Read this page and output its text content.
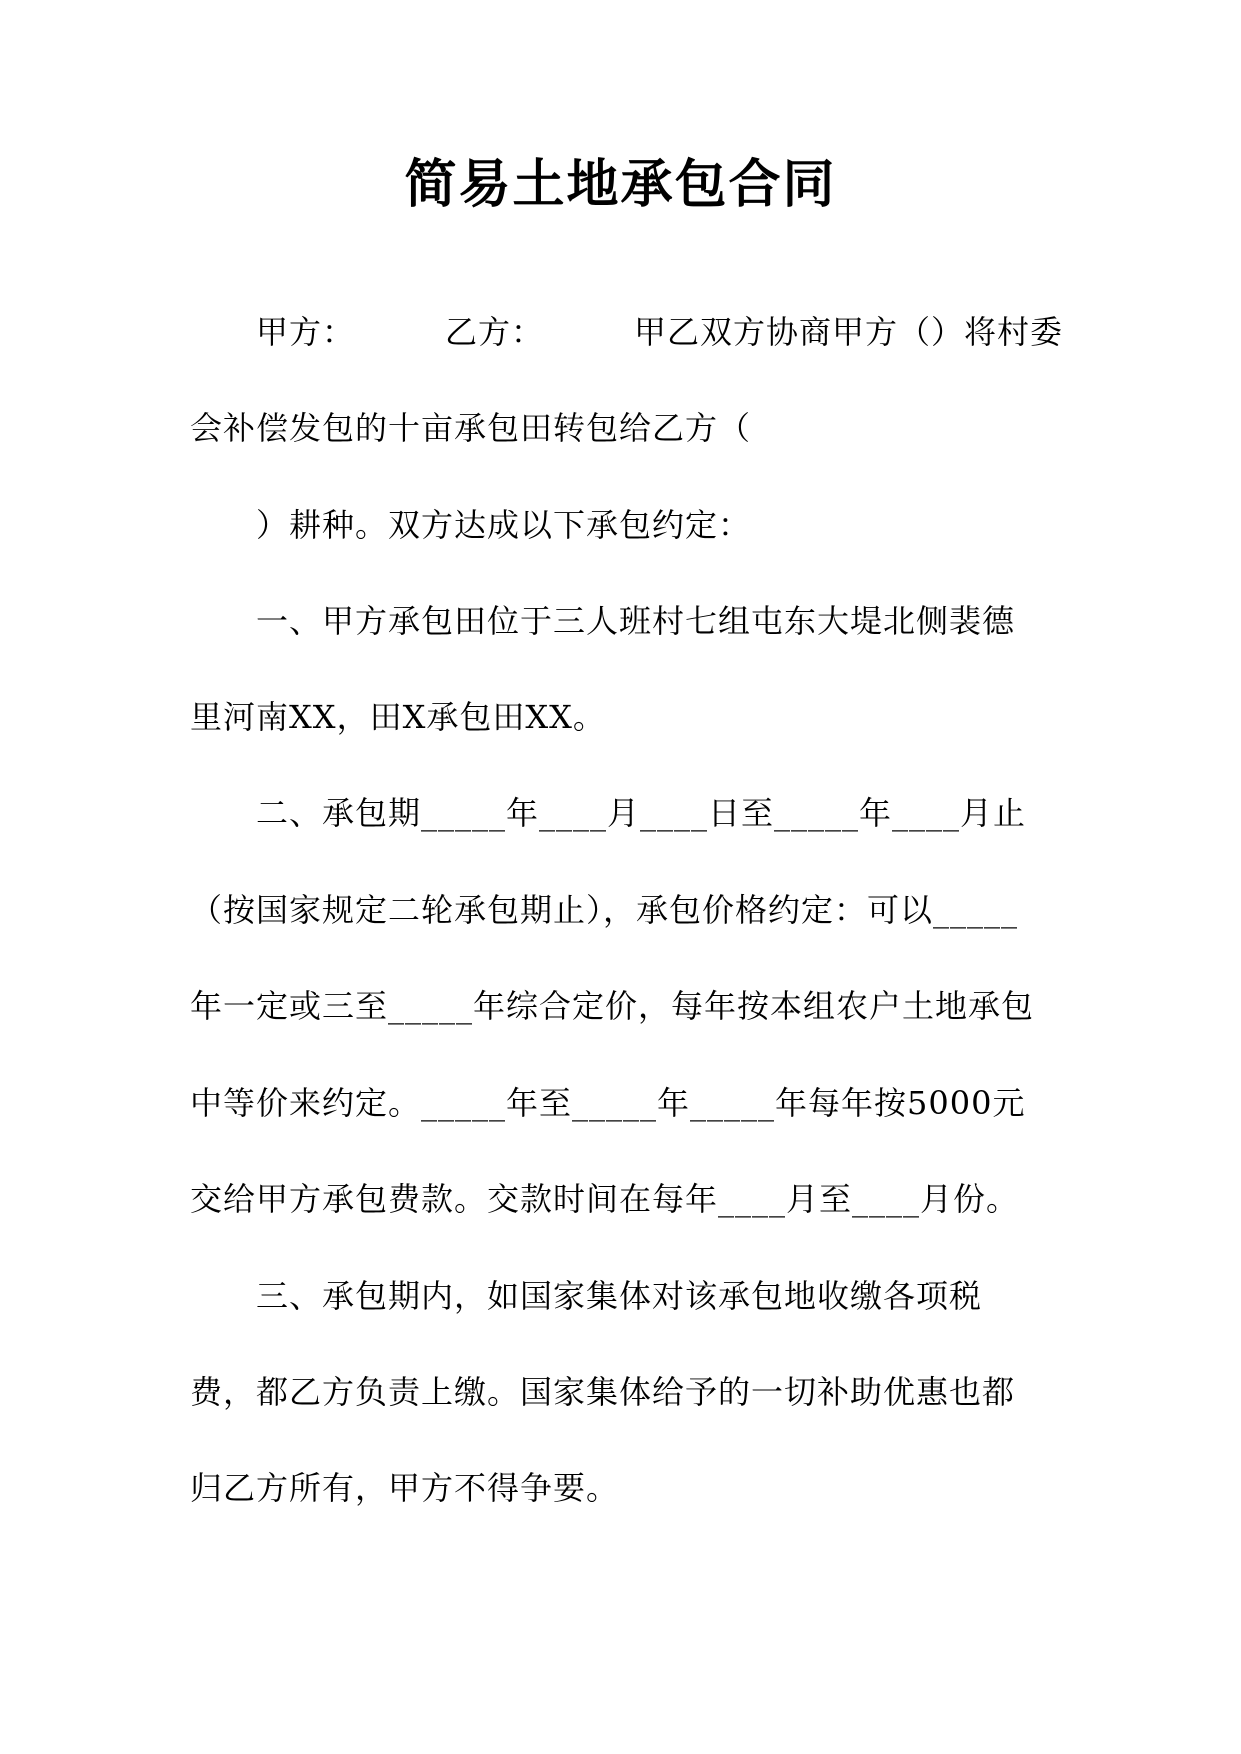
简易土地承包合同
甲方：	乙方：	甲乙双方协商甲方（）将村委
会补偿发包的十亩承包田转包给乙方（
）耕种。双方达成以下承包约定：
一、甲方承包田位于三人班村七组屯东大堤北侧裴德
里河南XX，田X承包田XX。
二、承包期_____年____月____日至_____年____月止
（按国家规定二轮承包期止），承包价格约定：可以_____
年一定或三至_____年综合定价，每年按本组农户土地承包
中等价来约定。_____年至_____年_____年每年按5000元
交给甲方承包费款。交款时间在每年____月至____月份。
三、承包期内，如国家集体对该承包地收缴各项税
费，都乙方负责上缴。国家集体给予的一切补助优惠也都
归乙方所有，甲方不得争要。
